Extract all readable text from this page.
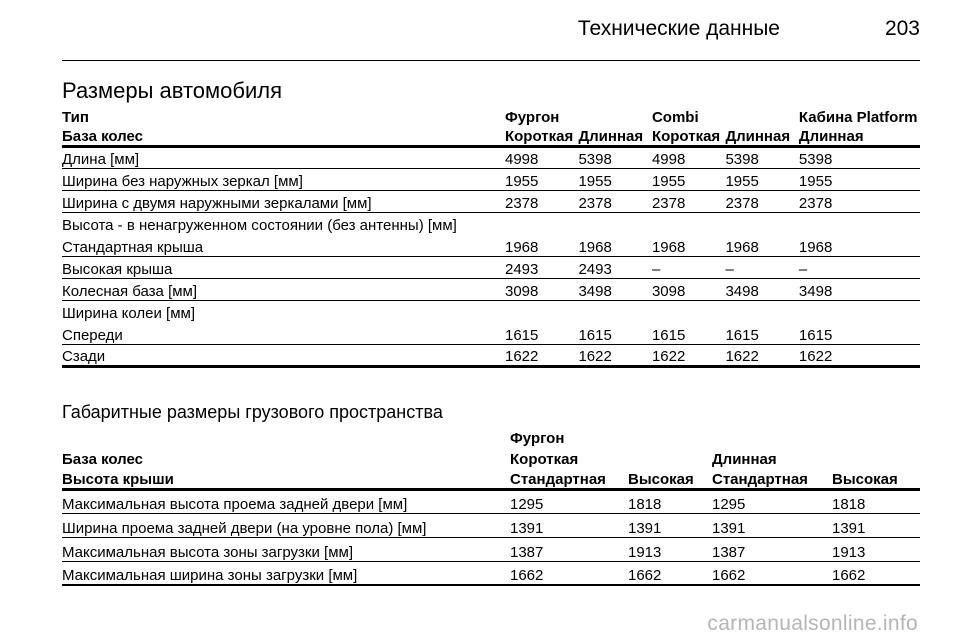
Технические данные	203
Размеры автомобиля
Тип	Фургон		Combi		Кабина Platform
База колес	Короткая	Длинная	Короткая	Длинная	Длинная
Длина [мм]	4998	5398	4998	5398	5398
Ширина без наружных зеркал [мм]	1955	1955	1955	1955	1955
Ширина с двумя наружными зеркалами [мм]	2378	2378	2378	2378	2378
Высота - в ненагруженном состоянии (без антенны) [мм]					
Стандартная крыша	1968	1968	1968	1968	1968
Высокая крыша	2493	2493	–	–	–
Колесная база [мм]	3098	3498	3098	3498	3498
Ширина колеи [мм]					
Спереди	1615	1615	1615	1615	1615
Сзади	1622	1622	1622	1622	1622
Габаритные размеры грузового пространства
	Фургон			
База колес	Короткая		Длинная	
Высота крыши	Стандартная	Высокая	Стандартная	Высокая
Максимальная высота проема задней двери [мм]	1295	1818	1295	1818
Ширина проема задней двери (на уровне пола) [мм]	1391	1391	1391	1391
Максимальная высота зоны загрузки [мм]	1387	1913	1387	1913
Максимальная ширина зоны загрузки [мм]	1662	1662	1662	1662
carmanualsonline.info
